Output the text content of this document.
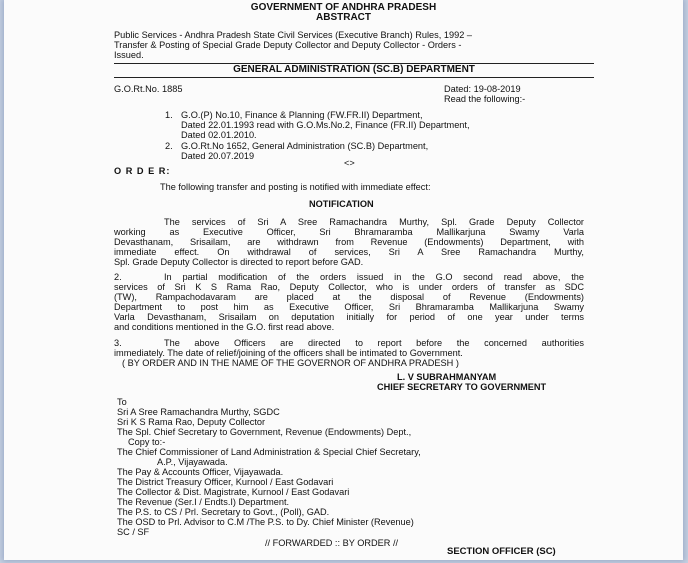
GOVERNMENT OF ANDHRA PRADESH
ABSTRACT
Public Services - Andhra Pradesh State Civil Services (Executive Branch) Rules, 1992 –
Transfer & Posting of Special Grade Deputy Collector and Deputy Collector - Orders -
Issued.
GENERAL ADMINISTRATION (SC.B) DEPARTMENT
G.O.Rt.No. 1885	Dated: 19-08-2019
Read the following:-
1. G.O.(P) No.10, Finance & Planning (FW.FR.II) Department,
Dated 22.01.1993 read with G.O.Ms.No.2, Finance (FR.II) Department,
Dated 02.01.2010.
2. G.O.Rt.No 1652, General Administration (SC.B) Department,
Dated 20.07.2019
<>
O R D E R:
The following transfer and posting is notified with immediate effect:
NOTIFICATION
The services of Sri A Sree Ramachandra Murthy, Spl. Grade Deputy Collector
working as Executive Officer, Sri Bhramaramba Mallikarjuna Swamy Varla
Devasthanam, Srisailam, are withdrawn from Revenue (Endowments) Department, with
immediate effect. On withdrawal of services, Sri A Sree Ramachandra Murthy,
Spl. Grade Deputy Collector is directed to report before GAD.
2.	In partial modification of the orders issued in the G.O second read above, the
services of Sri K S Rama Rao, Deputy Collector, who is under orders of transfer as SDC
(TW), Rampachodavaram are placed at the disposal of Revenue (Endowments)
Department to post him as Executive Officer, Sri Bhramaramba Mallikarjuna Swamy
Varla Devasthanam, Srisailam on deputation initially for period of one year under terms
and conditions mentioned in the G.O. first read above.
3.	The above Officers are directed to report before the concerned authorities
immediately. The date of relief/joining of the officers shall be intimated to Government.
( BY ORDER AND IN THE NAME OF THE GOVERNOR OF ANDHRA PRADESH )
L. V SUBRAHMANYAM
CHIEF SECRETARY TO GOVERNMENT
To
Sri A Sree Ramachandra Murthy, SGDC
Sri K S Rama Rao, Deputy Collector
The Spl. Chief Secretary to Government, Revenue (Endowments) Dept.,
Copy to:-
The Chief Commissioner of Land Administration & Special Chief Secretary,
A.P., Vijayawada.
The Pay & Accounts Officer, Vijayawada.
The District Treasury Officer, Kurnool / East Godavari
The Collector & Dist. Magistrate, Kurnool / East Godavari
The Revenue (Ser.I / Endts.I) Department.
The P.S. to CS / Prl. Secretary to Govt., (Poll), GAD.
The OSD to Prl. Advisor to C.M /The P.S. to Dy. Chief Minister (Revenue)
SC / SF
// FORWARDED :: BY ORDER //
SECTION OFFICER (SC)
